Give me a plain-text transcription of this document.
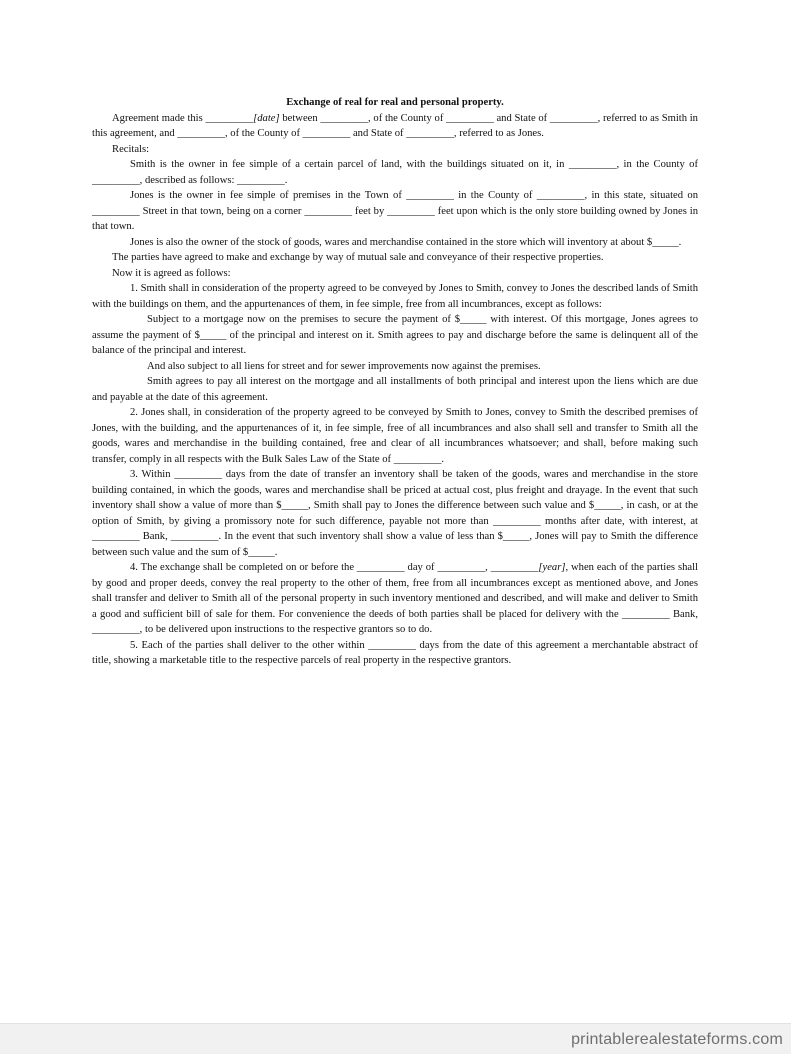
Exchange of real for real and personal property.

Agreement made this _________[date] between _________, of the County of _________ and State of _________, referred to as Smith in this agreement, and _________, of the County of _________ and State of _________, referred to as Jones.

Recitals:

Smith is the owner in fee simple of a certain parcel of land, with the buildings situated on it, in _________, in the County of _________, described as follows: _________.

Jones is the owner in fee simple of premises in the Town of _________ in the County of _________, in this state, situated on _________ Street in that town, being on a corner _________ feet by _________ feet upon which is the only store building owned by Jones in that town.

Jones is also the owner of the stock of goods, wares and merchandise contained in the store which will inventory at about $_____.

The parties have agreed to make and exchange by way of mutual sale and conveyance of their respective properties.

Now it is agreed as follows:

1. Smith shall in consideration of the property agreed to be conveyed by Jones to Smith, convey to Jones the described lands of Smith with the buildings on them, and the appurtenances of them, in fee simple, free from all incumbrances, except as follows:

Subject to a mortgage now on the premises to secure the payment of $_____ with interest. Of this mortgage, Jones agrees to assume the payment of $_____ of the principal and interest on it. Smith agrees to pay and discharge before the same is delinquent all of the balance of the principal and interest.

And also subject to all liens for street and for sewer improvements now against the premises.

Smith agrees to pay all interest on the mortgage and all installments of both principal and interest upon the liens which are due and payable at the date of this agreement.

2. Jones shall, in consideration of the property agreed to be conveyed by Smith to Jones, convey to Smith the described premises of Jones, with the building, and the appurtenances of it, in fee simple, free of all incumbrances and also shall sell and transfer to Smith all the goods, wares and merchandise in the building contained, free and clear of all incumbrances whatsoever; and shall, before making such transfer, comply in all respects with the Bulk Sales Law of the State of _________.

3. Within _________ days from the date of transfer an inventory shall be taken of the goods, wares and merchandise in the store building contained, in which the goods, wares and merchandise shall be priced at actual cost, plus freight and drayage. In the event that such inventory shall show a value of more than $_____, Smith shall pay to Jones the difference between such value and $_____, in cash, or at the option of Smith, by giving a promissory note for such difference, payable not more than _________ months after date, with interest, at _________ Bank, _________. In the event that such inventory shall show a value of less than $_____, Jones will pay to Smith the difference between such value and the sum of $_____.

4. The exchange shall be completed on or before the _________ day of _________, _________[year], when each of the parties shall by good and proper deeds, convey the real property to the other of them, free from all incumbrances except as mentioned above, and Jones shall transfer and deliver to Smith all of the personal property in such inventory mentioned and described, and will make and deliver to Smith a good and sufficient bill of sale for them. For convenience the deeds of both parties shall be placed for delivery with the _________ Bank, _________, to be delivered upon instructions to the respective grantors so to do.

5. Each of the parties shall deliver to the other within _________ days from the date of this agreement a merchantable abstract of title, showing a marketable title to the respective parcels of real property in the respective grantors.

printablerealestateforms.com
